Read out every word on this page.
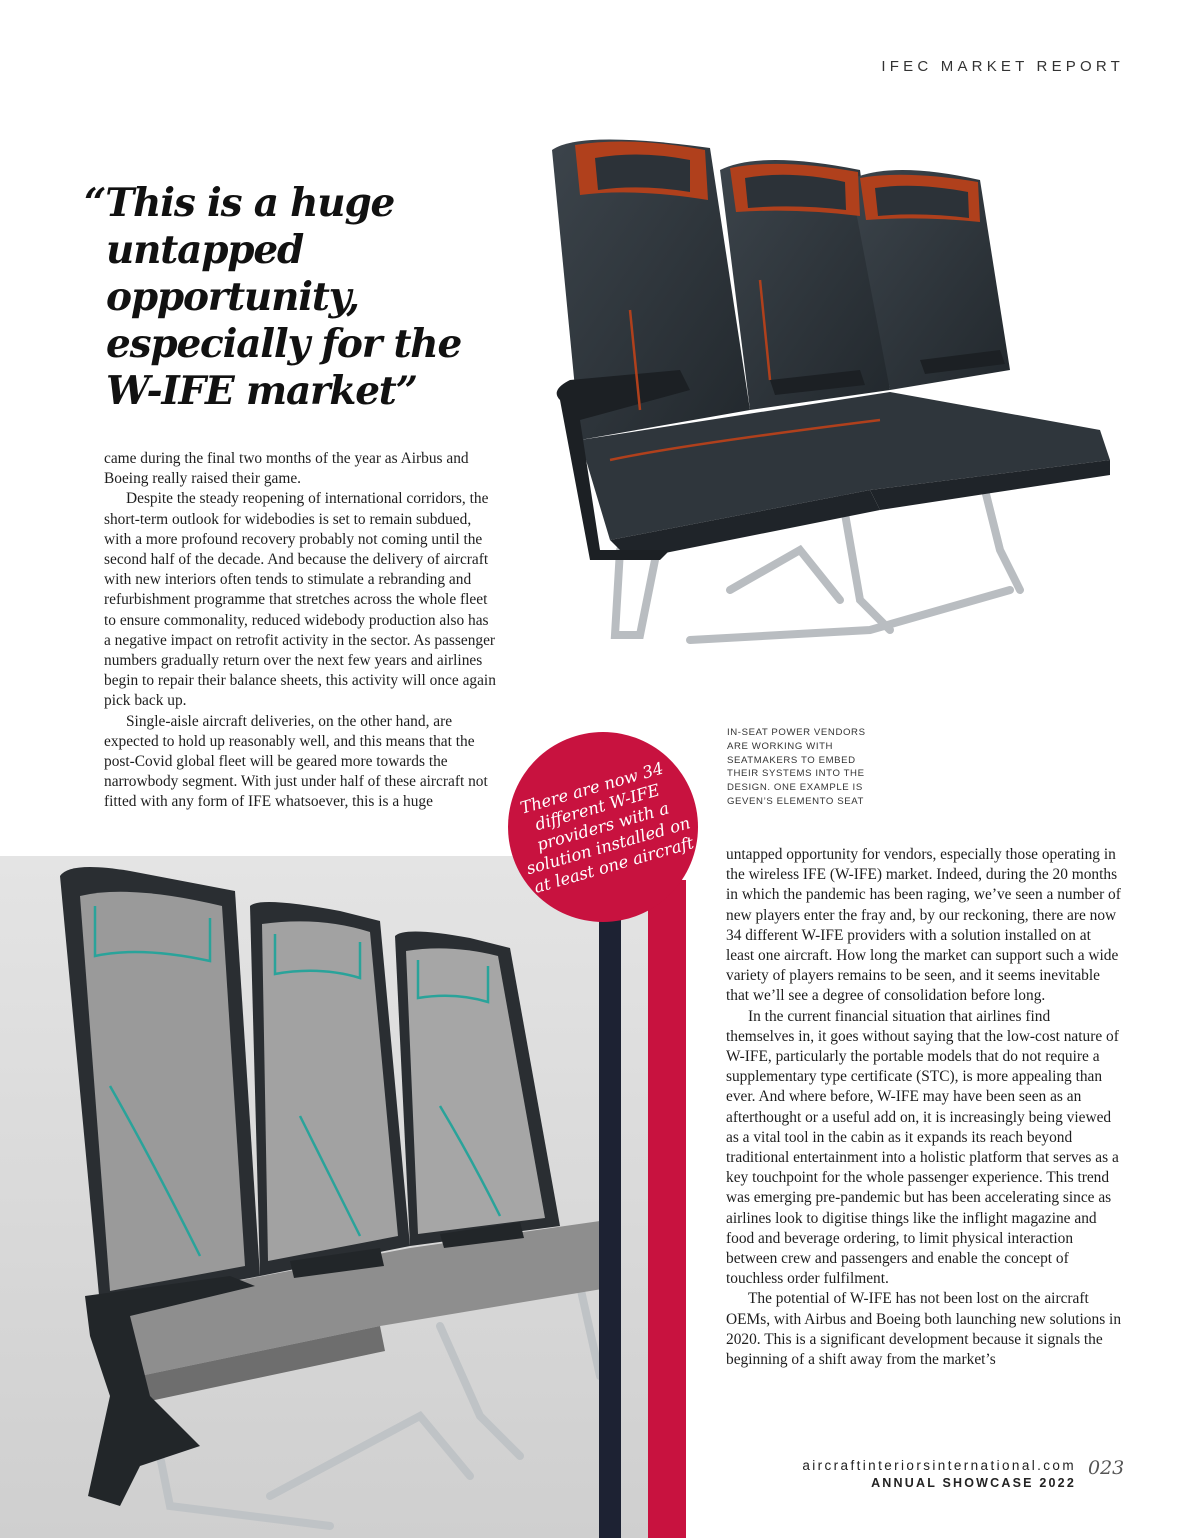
IFEC MARKET REPORT
“This is a huge
untapped
opportunity,
especially for the
W-IFE market”

came during the final two months of the year as Airbus and Boeing really raised their game.

Despite the steady reopening of international corridors, the short-term outlook for widebodies is set to remain subdued, with a more profound recovery probably not coming until the second half of the decade. And because the delivery of aircraft with new interiors often tends to stimulate a rebranding and refurbishment programme that stretches across the whole fleet to ensure commonality, reduced widebody production also has a negative impact on retrofit activity in the sector. As passenger numbers gradually return over the next few years and airlines begin to repair their balance sheets, this activity will once again pick back up.

Single-aisle aircraft deliveries, on the other hand, are expected to hold up reasonably well, and this means that the post-Covid global fleet will be geared more towards the narrowbody segment. With just under half of these aircraft not fitted with any form of IFE whatsoever, this is a huge

IN-SEAT POWER VENDORS ARE WORKING WITH SEATMAKERS TO EMBED THEIR SYSTEMS INTO THE DESIGN. ONE EXAMPLE IS GEVEN’S ELEMENTO SEAT
There are now 34 different W-IFE providers with a solution installed on at least one aircraft untapped opportunity for vendors, especially those operating in the wireless IFE (W-IFE) market. Indeed, during the 20 months in which the pandemic has been raging, we’ve seen a number of new players enter the fray and, by our reckoning, there are now 34 different W-IFE providers with a solution installed on at least one aircraft. How long the market can support such a wide variety of players remains to be seen, and it seems inevitable that we’ll see a degree of consolidation before long.

In the current financial situation that airlines find themselves in, it goes without saying that the low-cost nature of W-IFE, particularly the portable models that do not require a supplementary type certificate (STC), is more appealing than ever. And where before, W-IFE may have been seen as an afterthought or a useful add on, it is increasingly being viewed as a vital tool in the cabin as it expands its reach beyond traditional entertainment into a holistic platform that serves as a key touchpoint for the whole passenger experience. This trend was emerging pre-pandemic but has been accelerating since as airlines look to digitise things like the inflight magazine and food and beverage ordering, to limit physical interaction between crew and passengers and enable the concept of touchless order fulfilment.

The potential of W-IFE has not been lost on the aircraft OEMs, with Airbus and Boeing both launching new solutions in 2020. This is a significant development because it signals the beginning of a shift away from the market’s

aircraftinteriorsinternational.com
ANNUAL SHOWCASE 2022
023
